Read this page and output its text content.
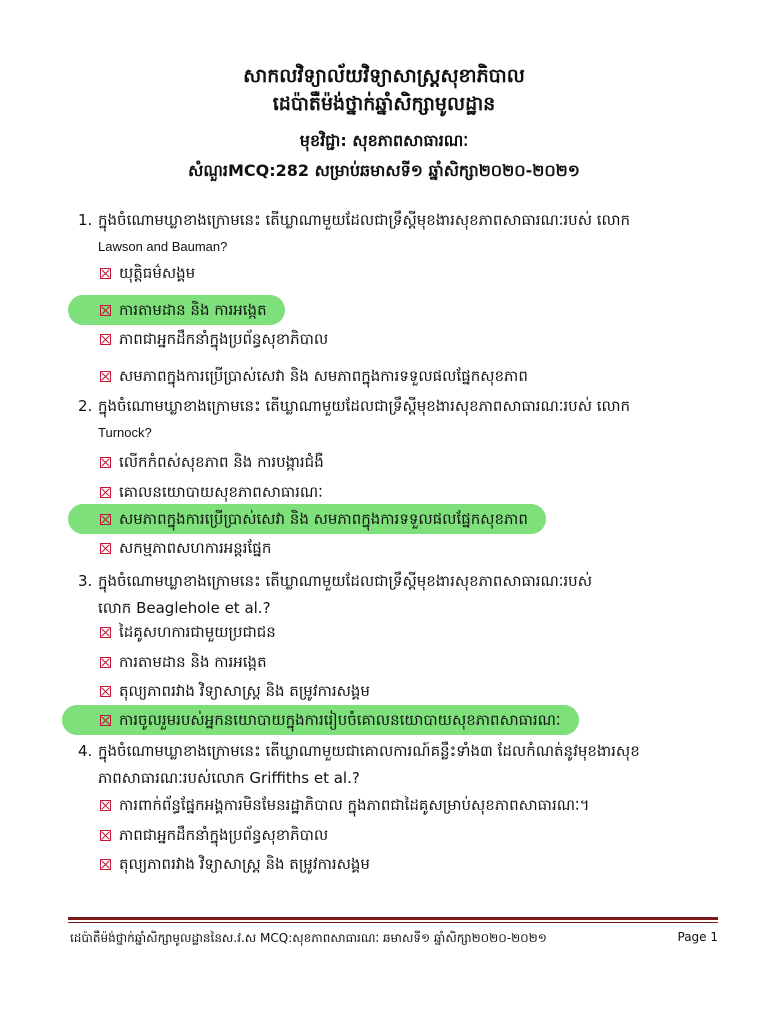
សាកលវិទ្យាល័យវិទ្យាសាស្ត្រសុខាភិបាល
ដេប៉ាតឺម៉ង់ថ្នាក់ឆ្នាំសិក្សាមូលដ្ឋាន
មុខវិជ្ជា: សុខភាពសាធារណៈ
សំណួរMCQ:282 សម្រាប់ឆមាសទី១ ឆ្នាំសិក្សា២០២០-២០២១
1. ក្នុងចំណោមឃ្លាខាងក្រោមនេះ តើឃ្លាណាមួយដែលជាទ្រឹស្ដីមុខងារសុខភាពសាធារណៈរបស់ លោក
Lawson and Bauman?
យុត្តិធម៌សង្គម
ការតាមដាន និង ការអង្កេត
ភាពជាអ្នកដឹកនាំក្នុងប្រព័ន្ធសុខាភិបាល
សមភាពក្នុងការប្រើប្រាស់សេវា និង សមភាពក្នុងការទទួលផលផ្នែកសុខភាព
2. ក្នុងចំណោមឃ្លាខាងក្រោមនេះ តើឃ្លាណាមួយដែលជាទ្រឹស្ដីមុខងារសុខភាពសាធារណៈរបស់ លោក
Turnock?
លើកកំពស់សុខភាព និង ការបង្ការជំងឺ
គោលនយោបាយសុខភាពសាធារណៈ
សមភាពក្នុងការប្រើប្រាស់សេវា និង សមភាពក្នុងការទទួលផលផ្នែកសុខភាព
សកម្មភាពសហការអន្តរផ្នែក
3. ក្នុងចំណោមឃ្លាខាងក្រោមនេះ តើឃ្លាណាមួយដែលជាទ្រឹស្ដីមុខងារសុខភាពសាធារណៈរបស់
លោក Beaglehole et al.?
ដៃគូសហការជាមួយប្រជាជន
ការតាមដាន និង ការអង្កេត
តុល្យភាពរវាង វិទ្យាសាស្ត្រ និង តម្រូវការសង្គម
ការចូលរួមរបស់អ្នកនយោបាយក្នុងការរៀបចំគោលនយោបាយសុខភាពសាធារណៈ
4. ក្នុងចំណោមឃ្លាខាងក្រោមនេះ តើឃ្លាណាមួយជាគោលការណ៍គន្លឹះទាំង៣ ដែលកំណត់នូវមុខងារសុខ
ភាពសាធារណៈរបស់លោក Griffiths et al.?
ការពាក់ព័ន្ធផ្នែកអង្គការមិនមែនរដ្ឋាភិបាល ក្នុងភាពជាដៃគូសម្រាប់សុខភាពសាធារណៈ។
ភាពជាអ្នកដឹកនាំក្នុងប្រព័ន្ធសុខាភិបាល
តុល្យភាពរវាង វិទ្យាសាស្ត្រ និង តម្រូវការសង្គម
ដេប៉ាតឺម៉ង់ថ្នាក់ឆ្នាំសិក្សាមូលដ្ឋាននៃស.វ.ស MCQ:សុខភាពសាធារណៈ ឆមាសទី១ ឆ្នាំសិក្សា២០២០-២០២១	Page 1
